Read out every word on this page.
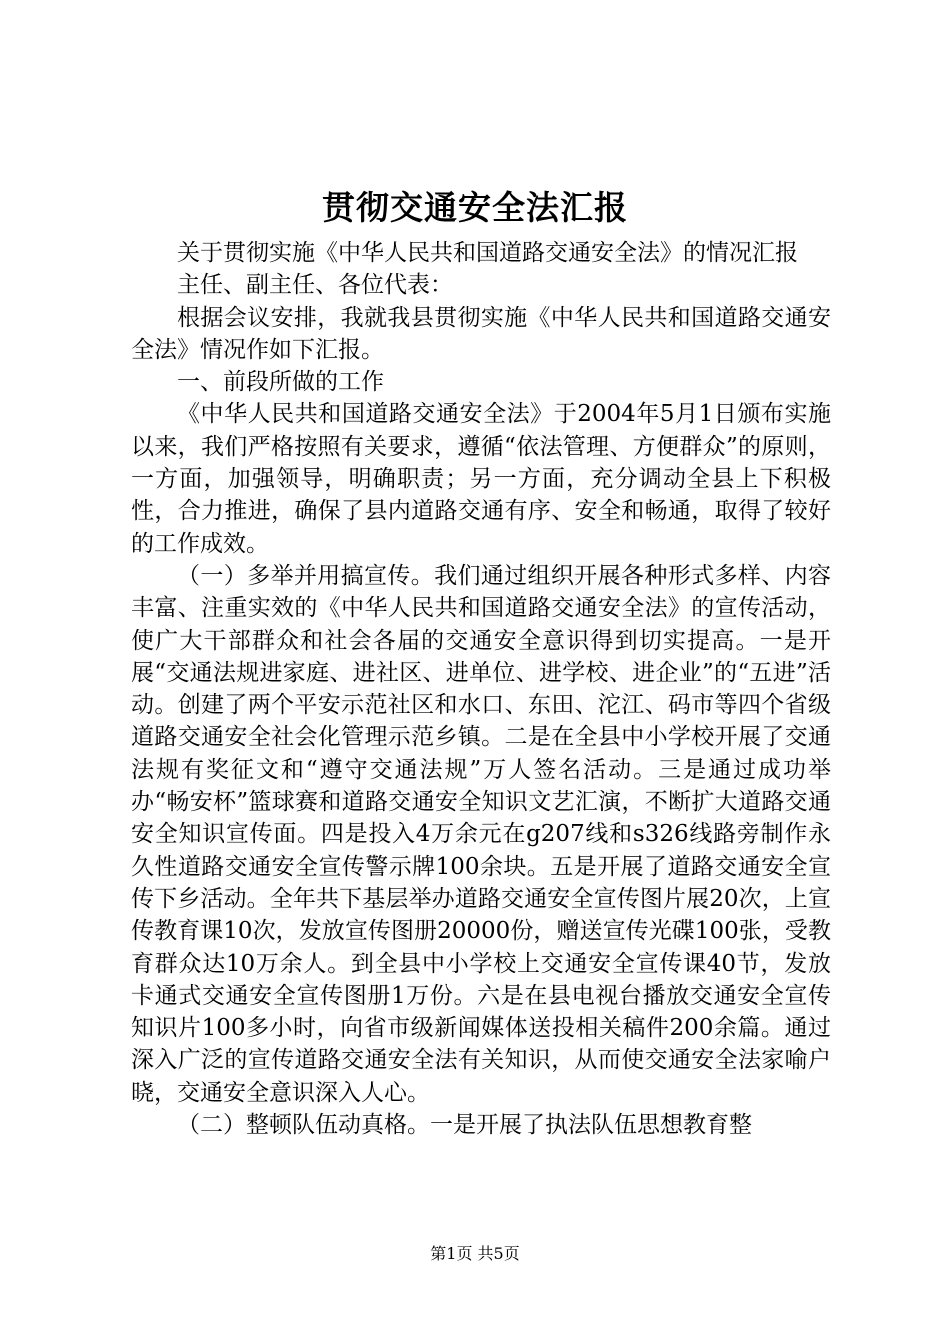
贯彻交通安全法汇报

关于贯彻实施《中华人民共和国道路交通安全法》的情况汇报

主任、副主任、各位代表：

根据会议安排，我就我县贯彻实施《中华人民共和国道路交通安全法》情况作如下汇报。

一、前段所做的工作

《中华人民共和国道路交通安全法》于2004年5月1日颁布实施以来，我们严格按照有关要求，遵循“依法管理、方便群众”的原则，一方面，加强领导，明确职责；另一方面，充分调动全县上下积极性，合力推进，确保了县内道路交通有序、安全和畅通，取得了较好的工作成效。

（一）多举并用搞宣传。我们通过组织开展各种形式多样、内容丰富、注重实效的《中华人民共和国道路交通安全法》的宣传活动，使广大干部群众和社会各届的交通安全意识得到切实提高。一是开展“交通法规进家庭、进社区、进单位、进学校、进企业”的“五进”活动。创建了两个平安示范社区和水口、东田、沱江、码市等四个省级道路交通安全社会化管理示范乡镇。二是在全县中小学校开展了交通法规有奖征文和“遵守交通法规”万人签名活动。三是通过成功举办“畅安杯”篮球赛和道路交通安全知识文艺汇演，不断扩大道路交通安全知识宣传面。四是投入4万余元在g207线和s326线路旁制作永久性道路交通安全宣传警示牌100余块。五是开展了道路交通安全宣传下乡活动。全年共下基层举办道路交通安全宣传图片展20次，上宣传教育课10次，发放宣传图册20000份，赠送宣传光碟100张，受教育群众达10万余人。到全县中小学校上交通安全宣传课40节，发放卡通式交通安全宣传图册1万份。六是在县电视台播放交通安全宣传知识片100多小时，向省市级新闻媒体送投相关稿件200余篇。通过深入广泛的宣传道路交通安全法有关知识，从而使交通安全法家喻户晓，交通安全意识深入人心。

（二）整顿队伍动真格。一是开展了执法队伍思想教育整

第1页 共5页
